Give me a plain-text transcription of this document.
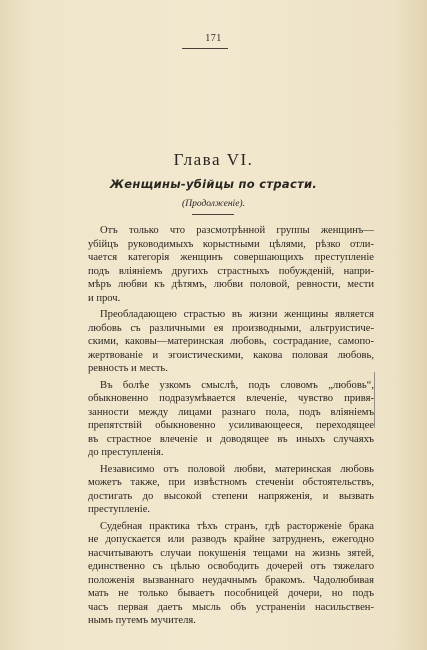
171
Глава VI.
Женщины-убійцы по страсти.
(Продолженіе).
Отъ только что разсмотрѣнной группы женщинъ—
убійцъ руководимыхъ корыстными цѣлями, рѣзко отли-
чается категорія женщинъ совершающихъ преступленіе
подъ вліяніемъ другихъ страстныхъ побужденій, напри-
мѣръ любви къ дѣтямъ, любви половой, ревности, мести
и проч.
Преобладающею страстью въ жизни женщины является
любовь съ различными ея производными, альтруистиче-
скими, каковы—материнская любовь, сострадание, самопо-
жертвованіе и эгоистическими, какова половая любовь,
ревность и месть.
Въ болѣе узкомъ смыслѣ, подъ словомъ „любовь“,
обыкновенно подразумѣвается влеченіе, чувство привя-
занности между лицами разнаго пола, подъ вліяніемъ
препятствій обыкновенно усиливающееся, переходящее
въ страстное влеченіе и доводящее въ иныхъ случаяхъ
до преступленія.
Независимо отъ половой любви, материнская любовь
можетъ также, при извѣстномъ стеченіи обстоятельствъ,
достигать до высокой степени напряженія, и вызвать
преступленіе.
Судебная практика тѣхъ странъ, гдѣ расторженіе брака
не допускается или разводъ крайне затрудненъ, ежегодно
насчитываютъ случаи покушенія тещами на жизнь зятей,
единственно съ цѣлью освободить дочерей отъ тяжелаго
положенія вызваннаго неудачнымъ бракомъ. Чадолюбивая
мать не только бываетъ пособницей дочери, но подъ
часъ первая даетъ мысль объ устраненіи насильствен-
нымъ путемъ мучителя.
